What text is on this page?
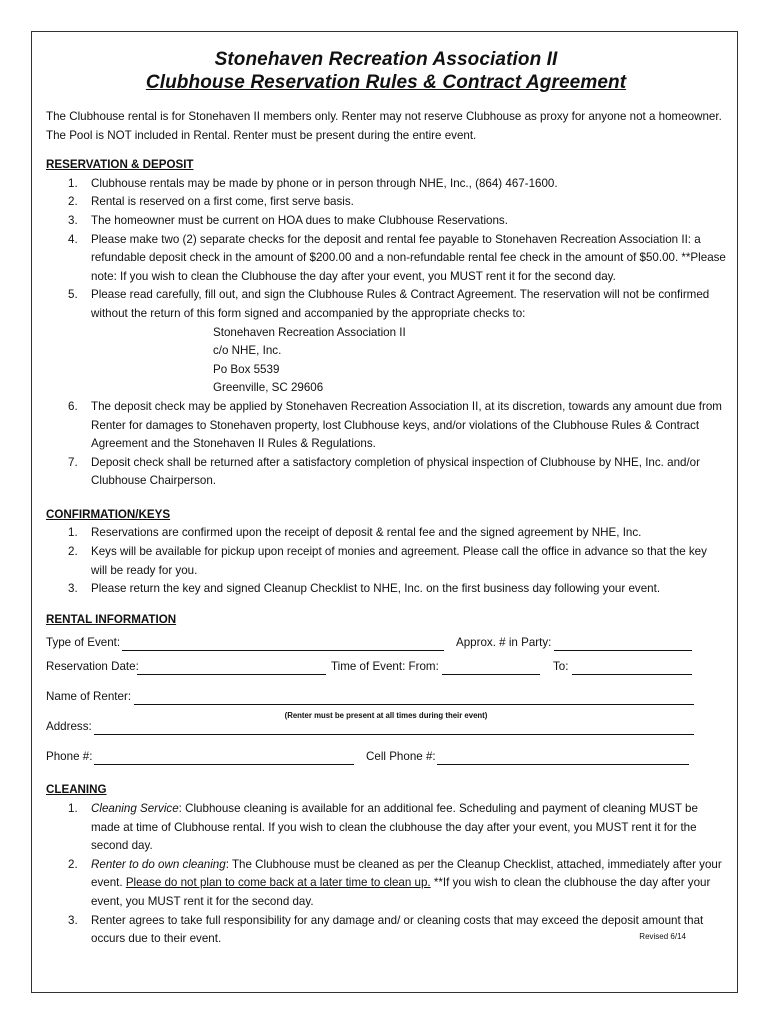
Stonehaven Recreation Association II
Clubhouse Reservation Rules & Contract Agreement

The Clubhouse rental is for Stonehaven II members only. Renter may not reserve Clubhouse as proxy for anyone not a homeowner.
The Pool is NOT included in Rental. Renter must be present during the entire event.

RESERVATION & DEPOSIT
1. Clubhouse rentals may be made by phone or in person through NHE, Inc., (864) 467-1600.
2. Rental is reserved on a first come, first serve basis.
3. The homeowner must be current on HOA dues to make Clubhouse Reservations.
4. Please make two (2) separate checks for the deposit and rental fee payable to Stonehaven Recreation Association II: a refundable deposit check in the amount of $200.00 and a non-refundable rental fee check in the amount of $50.00. **Please note: If you wish to clean the Clubhouse the day after your event, you MUST rent it for the second day.
5. Please read carefully, fill out, and sign the Clubhouse Rules & Contract Agreement. The reservation will not be confirmed without the return of this form signed and accompanied by the appropriate checks to:
Stonehaven Recreation Association II
c/o NHE, Inc.
Po Box 5539
Greenville, SC 29606
6. The deposit check may be applied by Stonehaven Recreation Association II, at its discretion, towards any amount due from Renter for damages to Stonehaven property, lost Clubhouse keys, and/or violations of the Clubhouse Rules & Contract Agreement and the Stonehaven II Rules & Regulations.
7. Deposit check shall be returned after a satisfactory completion of physical inspection of Clubhouse by NHE, Inc. and/or Clubhouse Chairperson.
CONFIRMATION/KEYS
1. Reservations are confirmed upon the receipt of deposit & rental fee and the signed agreement by NHE, Inc.
2. Keys will be available for pickup upon receipt of monies and agreement. Please call the office in advance so that the key will be ready for you.
3. Please return the key and signed Cleanup Checklist to NHE, Inc. on the first business day following your event.
RENTAL INFORMATION
Type of Event:	Approx. # in Party:
Reservation Date:	Time of Event: From:	To:
Name of Renter:
(Renter must be present at all times during their event)
Address:
Phone #:	Cell Phone #:
CLEANING
1. Cleaning Service: Clubhouse cleaning is available for an additional fee. Scheduling and payment of cleaning MUST be made at time of Clubhouse rental. If you wish to clean the clubhouse the day after your event, you MUST rent it for the second day.
2. Renter to do own cleaning: The Clubhouse must be cleaned as per the Cleanup Checklist, attached, immediately after your event. Please do not plan to come back at a later time to clean up. **If you wish to clean the clubhouse the day after your event, you MUST rent it for the second day.
3. Renter agrees to take full responsibility for any damage and/ or cleaning costs that may exceed the deposit amount that occurs due to their event.	Revised 6/14
